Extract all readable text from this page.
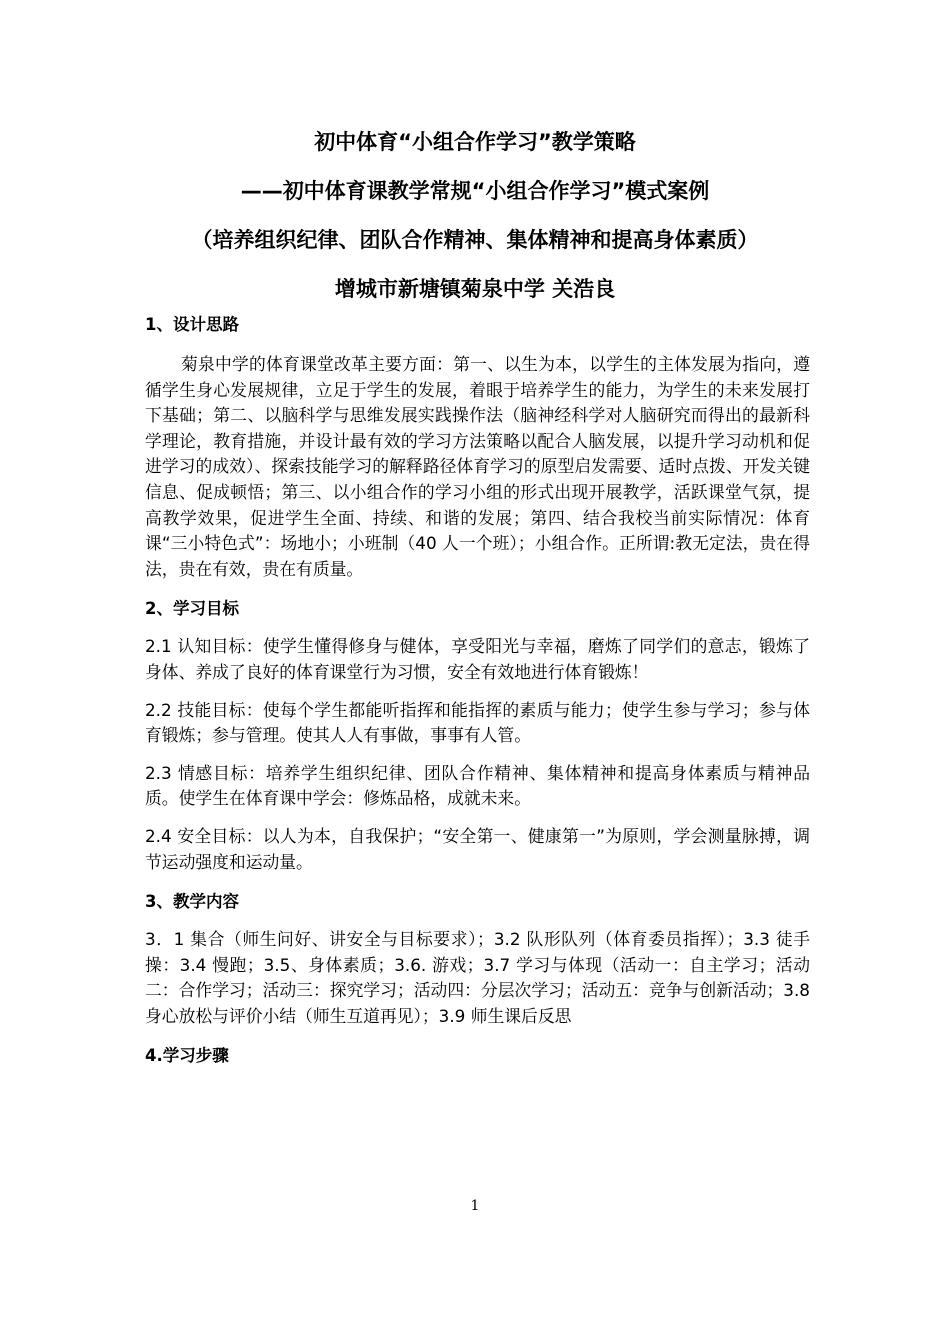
初中体育“小组合作学习”教学策略
——初中体育课教学常规“小组合作学习”模式案例
（培养组织纪律、团队合作精神、集体精神和提高身体素质）
增城市新塘镇菊泉中学 关浩良

1、设计思路

菊泉中学的体育课堂改革主要方面：第一、以生为本，以学生的主体发展为指向，遵循学生身心发展规律，立足于学生的发展，着眼于培养学生的能力，为学生的未来发展打下基础；第二、以脑科学与思维发展实践操作法（脑神经科学对人脑研究而得出的最新科学理论，教育措施，并设计最有效的学习方法策略以配合人脑发展，以提升学习动机和促进学习的成效）、探索技能学习的解释路径体育学习的原型启发需要、适时点拨、开发关键信息、促成顿悟；第三、以小组合作的学习小组的形式出现开展教学，活跃课堂气氛，提高教学效果，促进学生全面、持续、和谐的发展；第四、结合我校当前实际情况：体育课“三小特色式”：场地小；小班制（40 人一个班）；小组合作。正所谓:教无定法，贵在得法，贵在有效，贵在有质量。

2、学习目标

2.1 认知目标：使学生懂得修身与健体，享受阳光与幸福，磨炼了同学们的意志，锻炼了身体、养成了良好的体育课堂行为习惯，安全有效地进行体育锻炼！

2.2 技能目标：使每个学生都能听指挥和能指挥的素质与能力；使学生参与学习；参与体育锻炼；参与管理。使其人人有事做，事事有人管。

2.3 情感目标：培养学生组织纪律、团队合作精神、集体精神和提高身体素质与精神品质。使学生在体育课中学会：修炼品格，成就未来。

2.4 安全目标：以人为本，自我保护；“安全第一、健康第一”为原则，学会测量脉搏，调节运动强度和运动量。

3、教学内容

3．1 集合（师生问好、讲安全与目标要求）；3.2 队形队列（体育委员指挥）；3.3 徒手操：3.4 慢跑；3.5、身体素质；3.6. 游戏；3.7 学习与体现（活动一：自主学习；活动二：合作学习；活动三：探究学习；活动四：分层次学习；活动五：竞争与创新活动；3.8 身心放松与评价小结（师生互道再见）；3.9 师生课后反思

4.学习步骤

1
